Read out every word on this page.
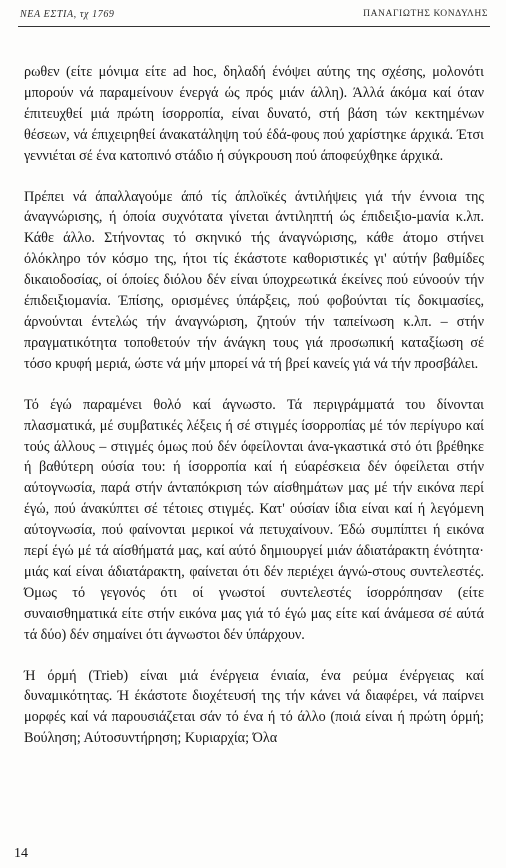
ΝΕΑ ΕΣΤΙΑ, τχ 1769	ΠΑΝΑΓΙΩΤΗΣ ΚΟΝΔΥΛΗΣ

ρωθεν (είτε μόνιμα είτε ad hoc, δηλαδή ένόψει αύτης της σχέσης, μολονότι μπορούν νά παραμείνουν ένεργά ώς πρός μιάν άλλη). Άλλά άκόμα καί όταν έπιτευχθεί μιά πρώτη ίσορροπία, είναι δυνατό, στή βάση τών κεκτημένων θέσεων, νά έπιχειρηθεί άνακατάληψη τού έδά-φους πού χαρίστηκε άρχικά. Έτσι γεννιέται σέ ένα κατοπινό στάδιο ή σύγκρουση πού άποφεύχθηκε άρχικά.

Πρέπει νά άπαλλαγούμε άπό τίς άπλοϊκές άντιλήψεις γιά τήν έννοια της άναγνώρισης, ή όποία συχνότατα γίνεται άντιληπτή ώς έπιδειξιο-μανία κ.λπ. Κάθε άλλο. Στήνοντας τό σκηνικό τής άναγνώρισης, κάθε άτομο στήνει όλόκληρο τόν κόσμο της, ήτοι τίς έκάστοτε καθοριστικές γι' αύτήν βαθμίδες δικαιοδοσίας, οί όποίες διόλου δέν είναι ύποχρεωτικά έκείνες πού εύνοούν τήν έπιδειξιομανία. Έπίσης, ορισμένες ύπάρξεις, πού φοβούνται τίς δοκιμασίες, άρνούνται έντελώς τήν άναγνώριση, ζητούν τήν ταπείνωση κ.λπ. – στήν πραγματικότητα τοποθετούν τήν άνάγκη τους γιά προσωπική καταξίωση σέ τόσο κρυφή μεριά, ώστε νά μήν μπορεί νά τή βρεί κανείς γιά νά τήν προσβάλει.

Τό έγώ παραμένει θολό καί άγνωστο. Τά περιγράμματά του δίνονται πλασματικά, μέ συμβατικές λέξεις ή σέ στιγμές ίσορροπίας μέ τόν περίγυρο καί τούς άλλους – στιγμές όμως πού δέν όφείλονται άνα-γκαστικά στό ότι βρέθηκε ή βαθύτερη ούσία του: ή ίσορροπία καί ή εύαρέσκεια δέν όφείλεται στήν αύτογνωσία, παρά στήν άνταπόκριση τών αίσθημάτων μας μέ τήν εικόνα περί έγώ, πού άνακύπτει σέ τέτοιες στιγμές. Κατ' ούσίαν ίδια είναι καί ή λεγόμενη αύτογνωσία, πού φαίνονται μερικοί νά πετυχαίνουν. Έδώ συμπίπτει ή εικόνα περί έγώ μέ τά αίσθήματά μας, καί αύτό δημιουργεί μιάν άδιατάρακτη ένότητα· μιάς καί είναι άδιατάρακτη, φαίνεται ότι δέν περιέχει άγνώ-στους συντελεστές. Όμως τό γεγονός ότι οί γνωστοί συντελεστές ίσορρόπησαν (είτε συναισθηματικά είτε στήν εικόνα μας γιά τό έγώ μας είτε καί άνάμεσα σέ αύτά τά δύο) δέν σημαίνει ότι άγνωστοι δέν ύπάρχουν.

Ή όρμή (Trieb) είναι μιά ένέργεια ένιαία, ένα ρεύμα ένέργειας καί δυναμικότητας. Ή έκάστοτε διοχέτευσή της τήν κάνει νά διαφέρει, νά παίρνει μορφές καί νά παρουσιάζεται σάν τό ένα ή τό άλλο (ποιά είναι ή πρώτη όρμή; Βούληση; Αύτοσυντήρηση; Κυριαρχία; Όλα

14
